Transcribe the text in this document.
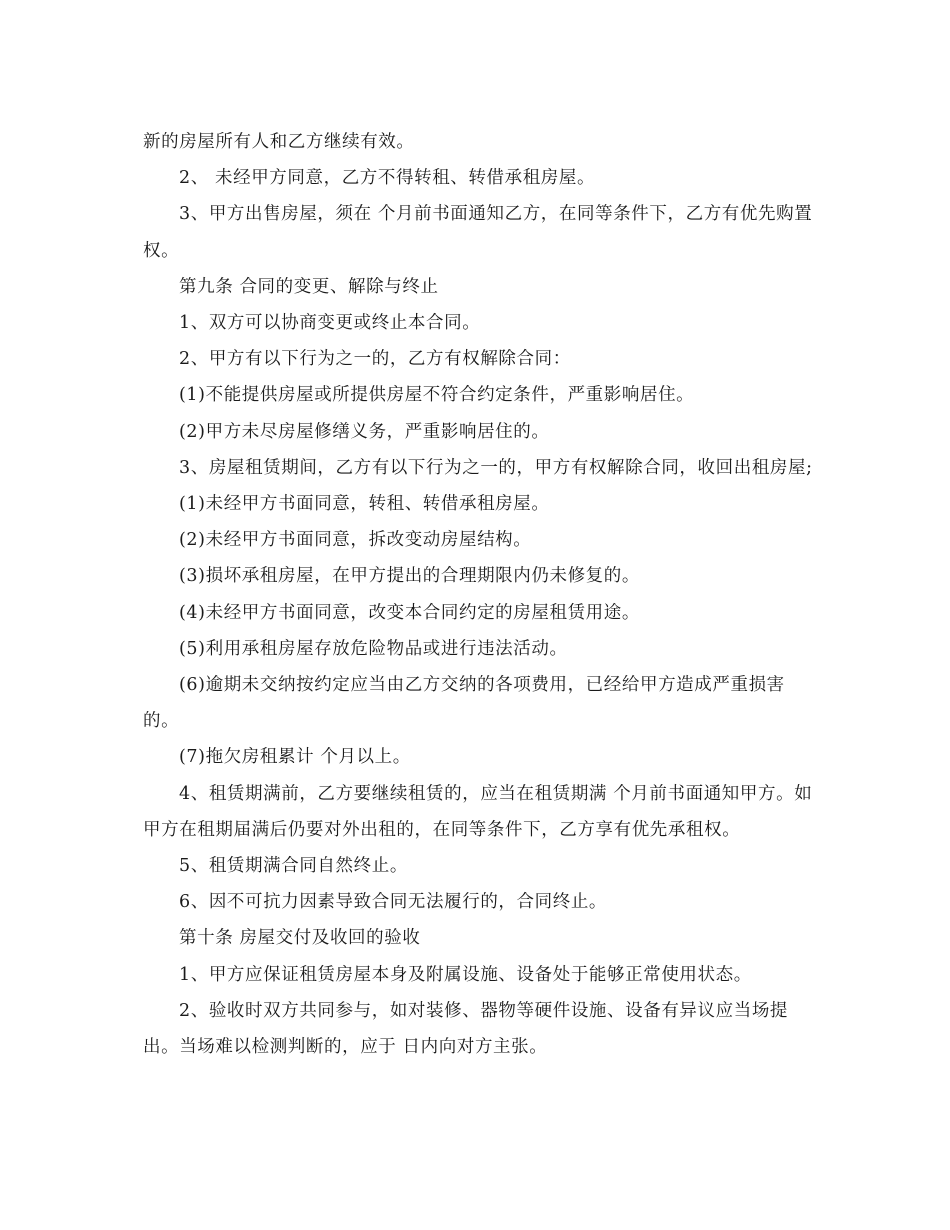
新的房屋所有人和乙方继续有效。

2、 未经甲方同意，乙方不得转租、转借承租房屋。

3、甲方出售房屋，须在 个月前书面通知乙方，在同等条件下，乙方有优先购置权。

第九条 合同的变更、解除与终止

1、双方可以协商变更或终止本合同。

2、甲方有以下行为之一的，乙方有权解除合同：

(1)不能提供房屋或所提供房屋不符合约定条件，严重影响居住。

(2)甲方未尽房屋修缮义务，严重影响居住的。

3、房屋租赁期间，乙方有以下行为之一的，甲方有权解除合同，收回出租房屋;

(1)未经甲方书面同意，转租、转借承租房屋。

(2)未经甲方书面同意，拆改变动房屋结构。

(3)损坏承租房屋，在甲方提出的合理期限内仍未修复的。

(4)未经甲方书面同意，改变本合同约定的房屋租赁用途。

(5)利用承租房屋存放危险物品或进行违法活动。

(6)逾期未交纳按约定应当由乙方交纳的各项费用，已经给甲方造成严重损害的。

(7)拖欠房租累计 个月以上。

4、租赁期满前，乙方要继续租赁的，应当在租赁期满 个月前书面通知甲方。如甲方在租期届满后仍要对外出租的，在同等条件下，乙方享有优先承租权。

5、租赁期满合同自然终止。

6、因不可抗力因素导致合同无法履行的，合同终止。

第十条 房屋交付及收回的验收

1、甲方应保证租赁房屋本身及附属设施、设备处于能够正常使用状态。

2、验收时双方共同参与，如对装修、器物等硬件设施、设备有异议应当场提出。当场难以检测判断的，应于 日内向对方主张。
